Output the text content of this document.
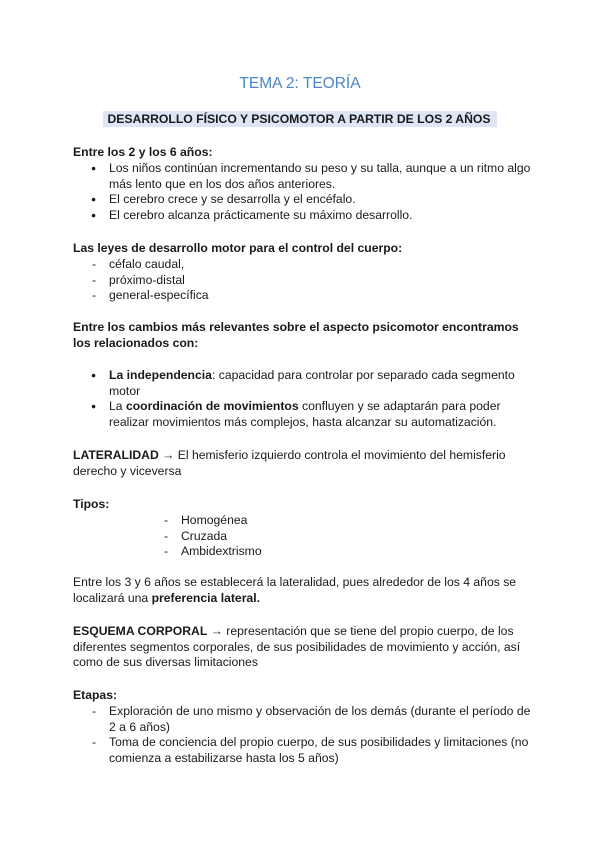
TEMA 2: TEORÍA
DESARROLLO FÍSICO Y PSICOMOTOR A PARTIR DE LOS 2 AÑOS
Entre los 2 y los 6 años:
● Los niños continúan incrementando su peso y su talla, aunque a un ritmo algo más lento que en los dos años anteriores.
● El cerebro crece y se desarrolla y el encéfalo.
● El cerebro alcanza prácticamente su máximo desarrollo.
Las leyes de desarrollo motor para el control del cuerpo:
- céfalo caudal,
- próximo-distal
- general-específica
Entre los cambios más relevantes sobre el aspecto psicomotor encontramos los relacionados con:
● La independencia: capacidad para controlar por separado cada segmento motor
● La coordinación de movimientos confluyen y se adaptarán para poder realizar movimientos más complejos, hasta alcanzar su automatización.

LATERALIDAD → El hemisferio izquierdo controla el movimiento del hemisferio derecho y viceversa

Tipos:
- Homogénea
- Cruzada
- Ambidextrismo

Entre los 3 y 6 años se establecerá la lateralidad, pues alrededor de los 4 años se localizará una preferencia lateral.

ESQUEMA CORPORAL → representación que se tiene del propio cuerpo, de los diferentes segmentos corporales, de sus posibilidades de movimiento y acción, así como de sus diversas limitaciones

Etapas:
- Exploración de uno mismo y observación de los demás (durante el período de 2 a 6 años)
- Toma de conciencia del propio cuerpo, de sus posibilidades y limitaciones (no comienza a estabilizarse hasta los 5 años)
